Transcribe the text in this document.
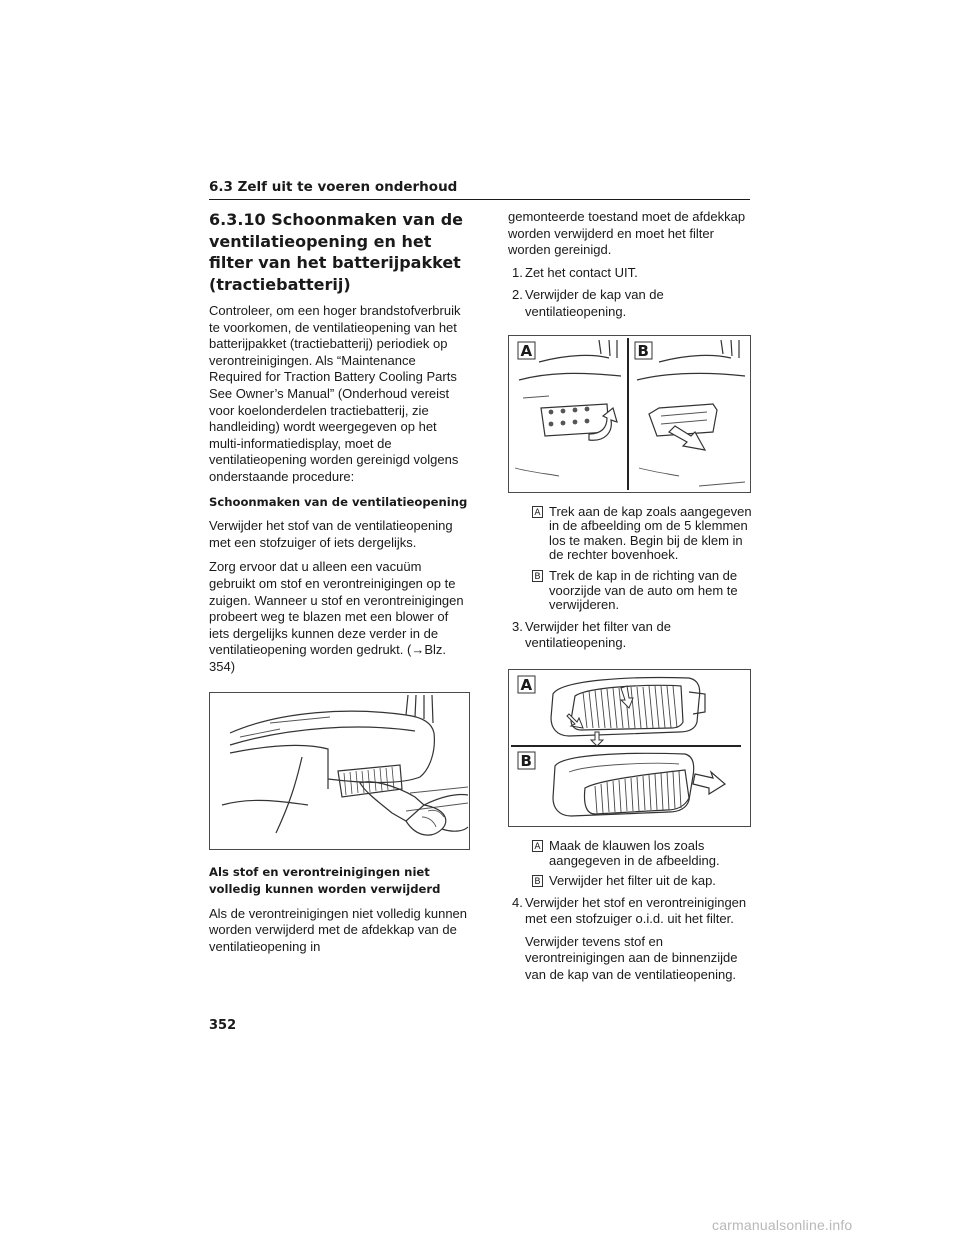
6.3 Zelf uit te voeren onderhoud
6.3.10 Schoonmaken van de ventilatieopening en het filter van het batterijpakket (tractiebatterij)

Controleer, om een hoger brandstofverbruik te voorkomen, de ventilatieopening van het batterijpakket (tractiebatterij) periodiek op verontreinigingen. Als “Maintenance Required for Traction Battery Cooling Parts See Owner’s Manual” (Onderhoud vereist voor koelonderdelen tractiebatterij, zie handleiding) wordt weergegeven op het multi-informatiedisplay, moet de ventilatieopening worden gereinigd volgens onderstaande procedure:

Schoonmaken van de ventilatieopening

Verwijder het stof van de ventilatieopening met een stofzuiger of iets dergelijks.

Zorg ervoor dat u alleen een vacuüm gebruikt om stof en verontreinigingen op te zuigen. Wanneer u stof en verontreinigingen probeert weg te blazen met een blower of iets dergelijks kunnen deze verder in de ventilatieopening worden gedrukt. (→Blz. 354)

Als stof en verontreinigingen niet volledig kunnen worden verwijderd

Als de verontreinigingen niet volledig kunnen worden verwijderd met de afdekkap van de ventilatieopening in

gemonteerde toestand moet de afdekkap worden verwijderd en moet het filter worden gereinigd.

1. Zet het contact UIT.
2. Verwijder de kap van de ventilatieopening.
A	B
A Trek aan de kap zoals aangegeven in de afbeelding om de 5 klemmen los te maken. Begin bij de klem in de rechter bovenhoek.
B Trek de kap in de richting van de voorzijde van de auto om hem te verwijderen.
3. Verwijder het filter van de ventilatieopening.
A
B
A Maak de klauwen los zoals aangegeven in de afbeelding.
B Verwijder het filter uit de kap.
4. Verwijder het stof en verontreinigingen met een stofzuiger o.i.d. uit het filter.
Verwijder tevens stof en verontreinigingen aan de binnenzijde van de kap van de ventilatieopening.
352
carmanualsonline.info
